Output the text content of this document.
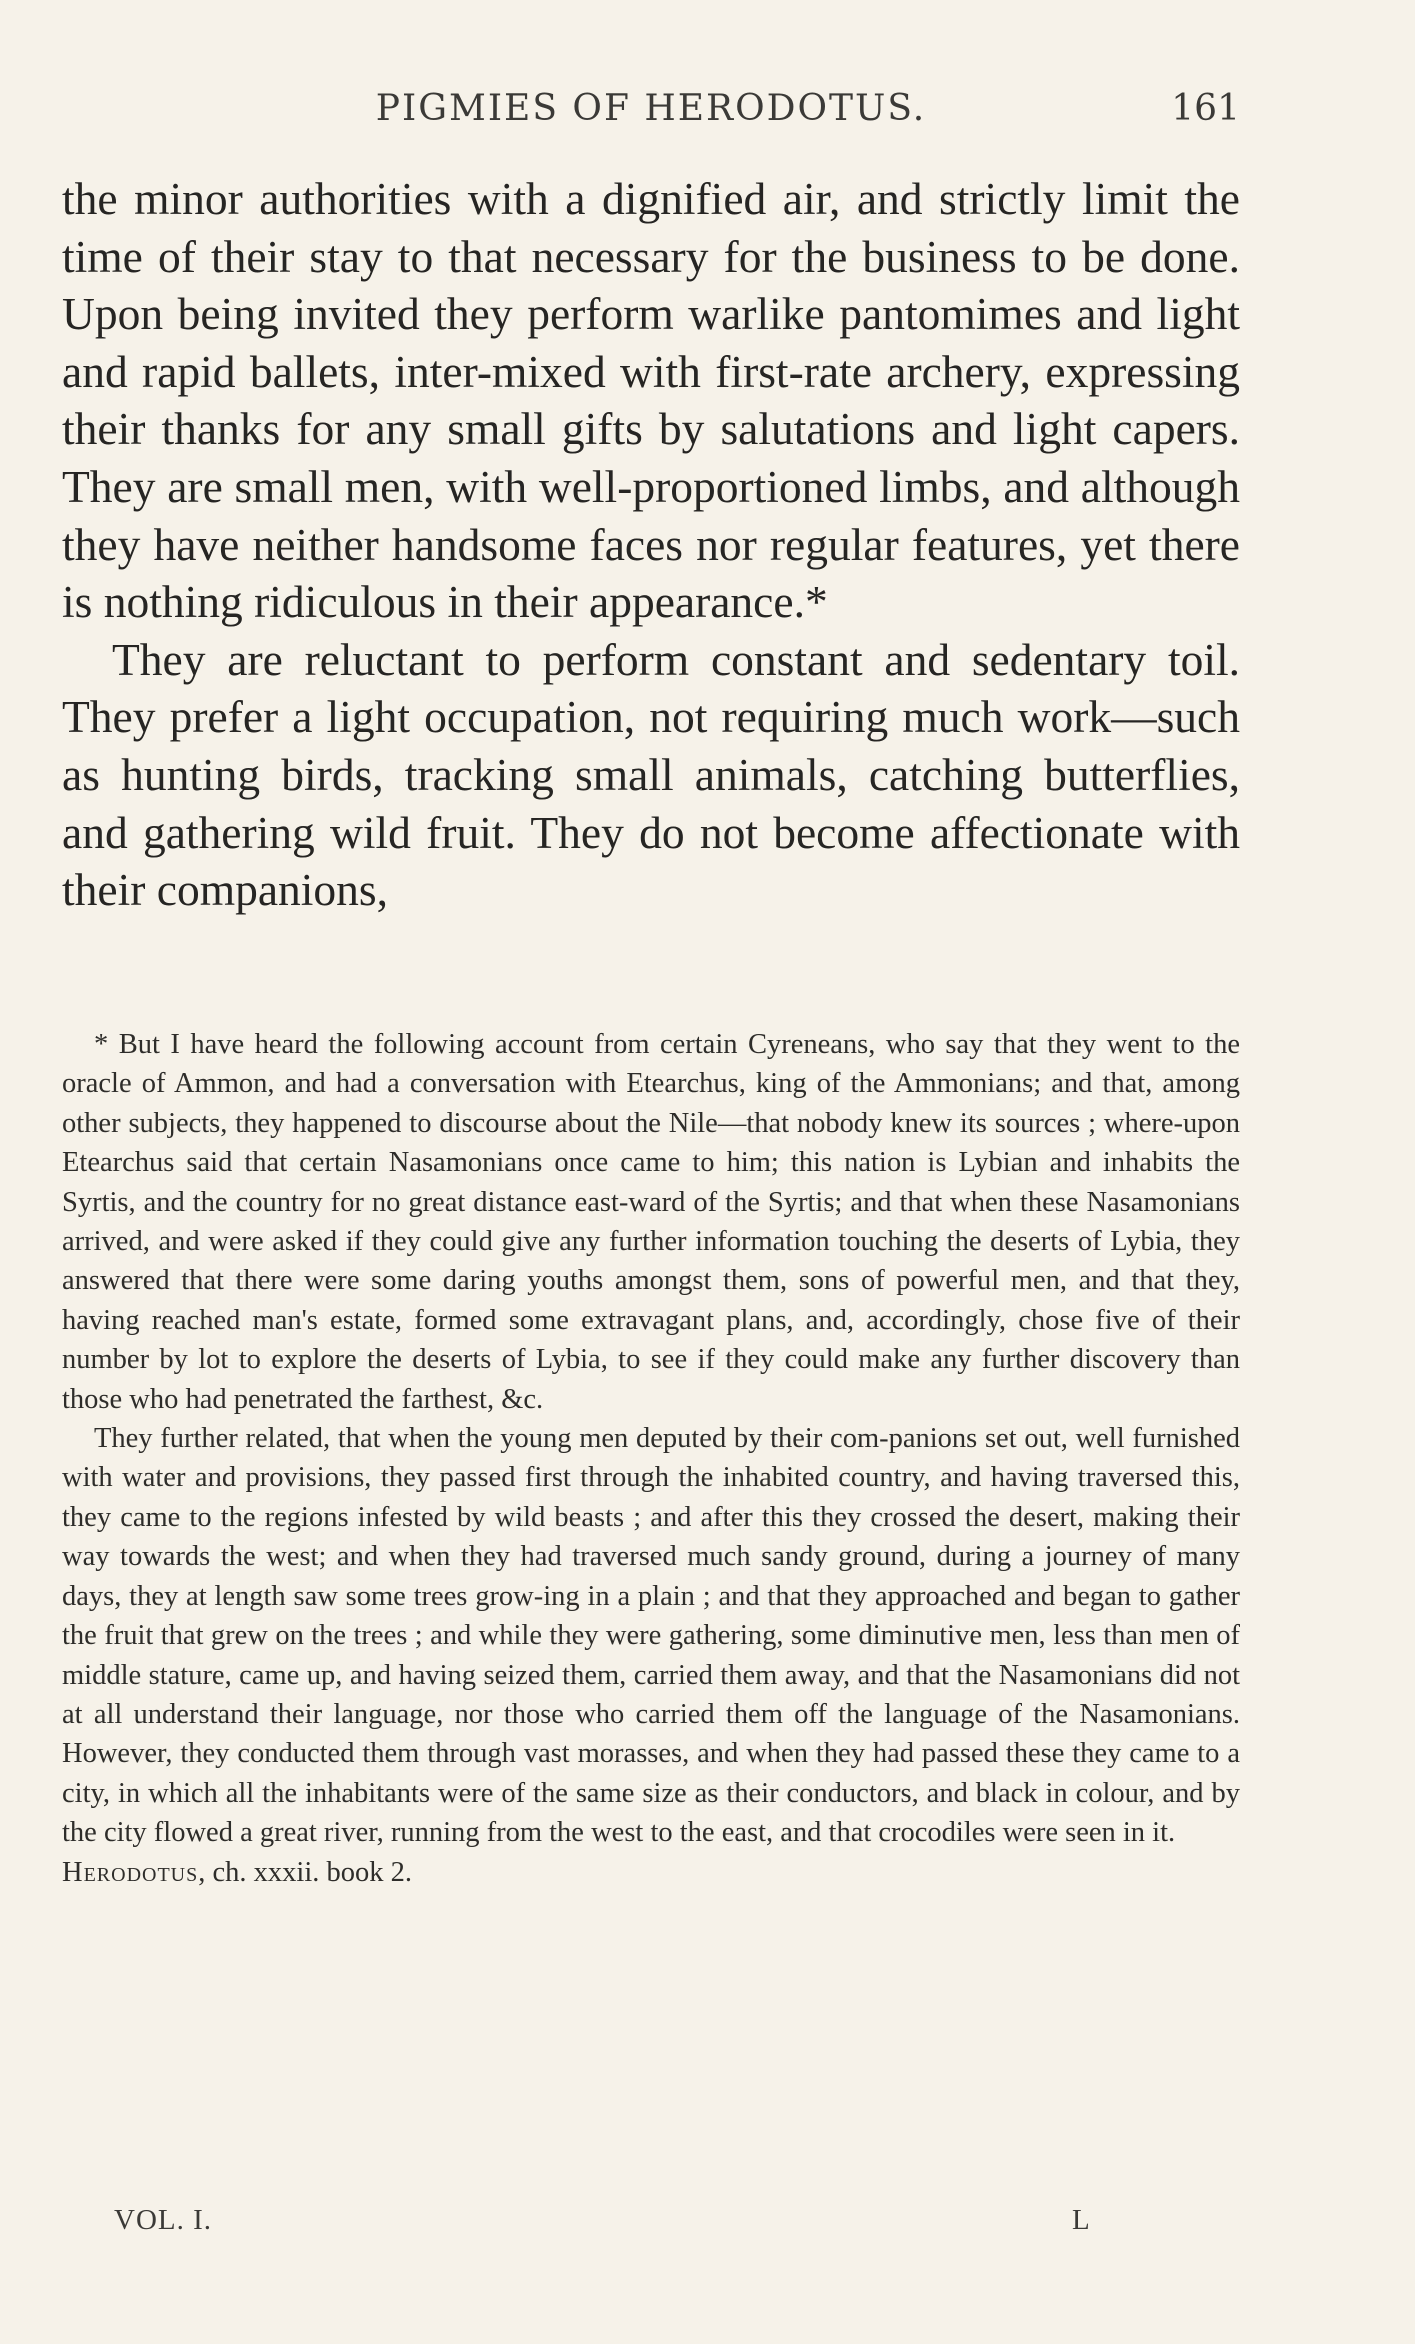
PIGMIES OF HERODOTUS.	161

the minor authorities with a dignified air, and strictly limit the time of their stay to that necessary for the business to be done. Upon being invited they perform warlike pantomimes and light and rapid ballets, inter-mixed with first-rate archery, expressing their thanks for any small gifts by salutations and light capers. They are small men, with well-proportioned limbs, and although they have neither handsome faces nor regular features, yet there is nothing ridiculous in their appearance.*

They are reluctant to perform constant and sedentary toil. They prefer a light occupation, not requiring much work—such as hunting birds, tracking small animals, catching butterflies, and gathering wild fruit. They do not become affectionate with their companions,

* But I have heard the following account from certain Cyreneans, who say that they went to the oracle of Ammon, and had a conversation with Etearchus, king of the Ammonians; and that, among other subjects, they happened to discourse about the Nile—that nobody knew its sources ; where-upon Etearchus said that certain Nasamonians once came to him; this nation is Lybian and inhabits the Syrtis, and the country for no great distance east-ward of the Syrtis; and that when these Nasamonians arrived, and were asked if they could give any further information touching the deserts of Lybia, they answered that there were some daring youths amongst them, sons of powerful men, and that they, having reached man's estate, formed some extravagant plans, and, accordingly, chose five of their number by lot to explore the deserts of Lybia, to see if they could make any further discovery than those who had penetrated the farthest, &c.

They further related, that when the young men deputed by their com-panions set out, well furnished with water and provisions, they passed first through the inhabited country, and having traversed this, they came to the regions infested by wild beasts ; and after this they crossed the desert, making their way towards the west; and when they had traversed much sandy ground, during a journey of many days, they at length saw some trees grow-ing in a plain ; and that they approached and began to gather the fruit that grew on the trees ; and while they were gathering, some diminutive men, less than men of middle stature, came up, and having seized them, carried them away, and that the Nasamonians did not at all understand their language, nor those who carried them off the language of the Nasamonians. However, they conducted them through vast morasses, and when they had passed these they came to a city, in which all the inhabitants were of the same size as their conductors, and black in colour, and by the city flowed a great river, running from the west to the east, and that crocodiles were seen in it.

Herodotus, ch. xxxii. book 2.

VOL. I.	L
